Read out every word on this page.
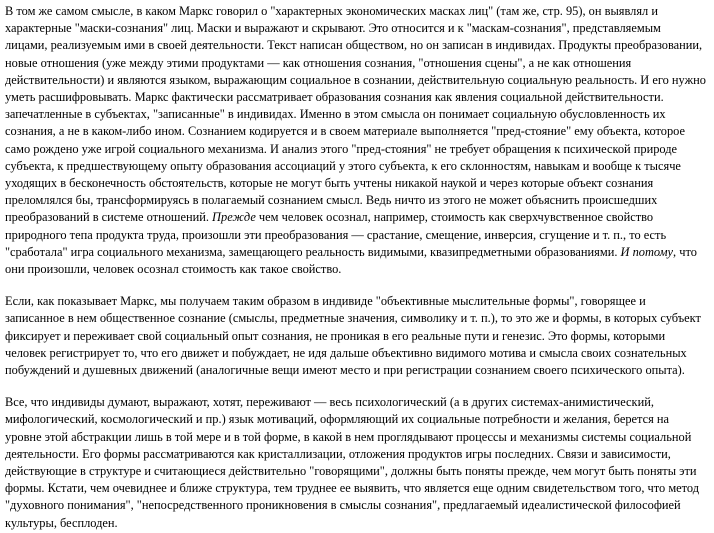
В том же самом смысле, в каком Маркс говорил о "характерных экономических масках лиц" (там же, стр. 95), он выявлял и характерные "маски-сознания" лиц. Маски и выражают и скрывают. Это относится и к "маскам-сознания", представляемым лицами, реализуемым ими в своей деятельности. Текст написан обществом, но он записан в индивидах. Продукты преобразовании, новые отношения (уже между этими продуктами — как отношения сознания, "отношения сцены", а не как отношения действительности) и являются языком, выражающим социальное в сознании, действительную социальную реальность. И его нужно уметь расшифровывать. Маркс фактически рассматривает образования сознания как явления социальной действительности. запечатленные в субъектах, "записанные" в индивидах. Именно в этом смысла он понимает социальную обусловленность их сознания, а не в каком-либо ином. Сознанием кодируется и в своем материале выполняется "пред-стояние" ему объекта, которое само рождено уже игрой социального механизма. И анализ этого "пред-стояния" не требует обращения к психической природе субъекта, к предшествующему опыту образования ассоциаций у этого субъекта, к его склонностям, навыкам и вообще к тысяче уходящих в бесконечность обстоятельств, которые не могут быть учтены никакой наукой и через которые объект сознания преломлялся бы, трансформируясь в полагаемый сознанием смысл. Ведь ничто из этого не может объяснить происшедших преобразований в системе отношений. Прежде чем человек осознал, например, стоимость как сверхчувственное свойство природного тепа продукта труда, произошли эти преобразования — срастание, смещение, инверсия, сгущение и т. п., то есть "сработала" игра социального механизма, замещающего реальность видимыми, квазипредметными образованиями. И потому, что они произошли, человек осознал стоимость как такое свойство.

Если, как показывает Маркс, мы получаем таким образом в индивиде "объективные мыслительные формы", говорящее и записанное в нем общественное сознание (смыслы, предметные значения, символику и т. п.), то это же и формы, в которых субъект фиксирует и переживает свой социальный опыт сознания, не проникая в его реальные пути и генезис. Это формы, которыми человек регистрирует то, что его движет и побуждает, не идя дальше объективно видимого мотива и смысла своих сознательных побуждений и душевных движений (аналогичные вещи имеют место и при регистрации сознанием своего психического опыта).

Все, что индивиды думают, выражают, хотят, переживают — весь психологический (а в других системах-анимистический, мифологический, космологический и пр.) язык мотиваций, оформляющий их социальные потребности и желания, берется на уровне этой абстракции лишь в той мере и в той форме, в какой в нем проглядывают процессы и механизмы системы социальной деятельности. Его формы рассматриваются как кристаллизации, отложения продуктов игры последних. Связи и зависимости, действующие в структуре и считающиеся действительно "говорящими", должны быть поняты прежде, чем могут быть поняты эти формы. Кстати, чем очевиднее и ближе структура, тем труднее ее выявить, что является еще одним свидетельством того, что метод "духовного понимания", "непосредственного проникновения в смыслы сознания", предлагаемый идеалистической философией культуры, бесплоден.
